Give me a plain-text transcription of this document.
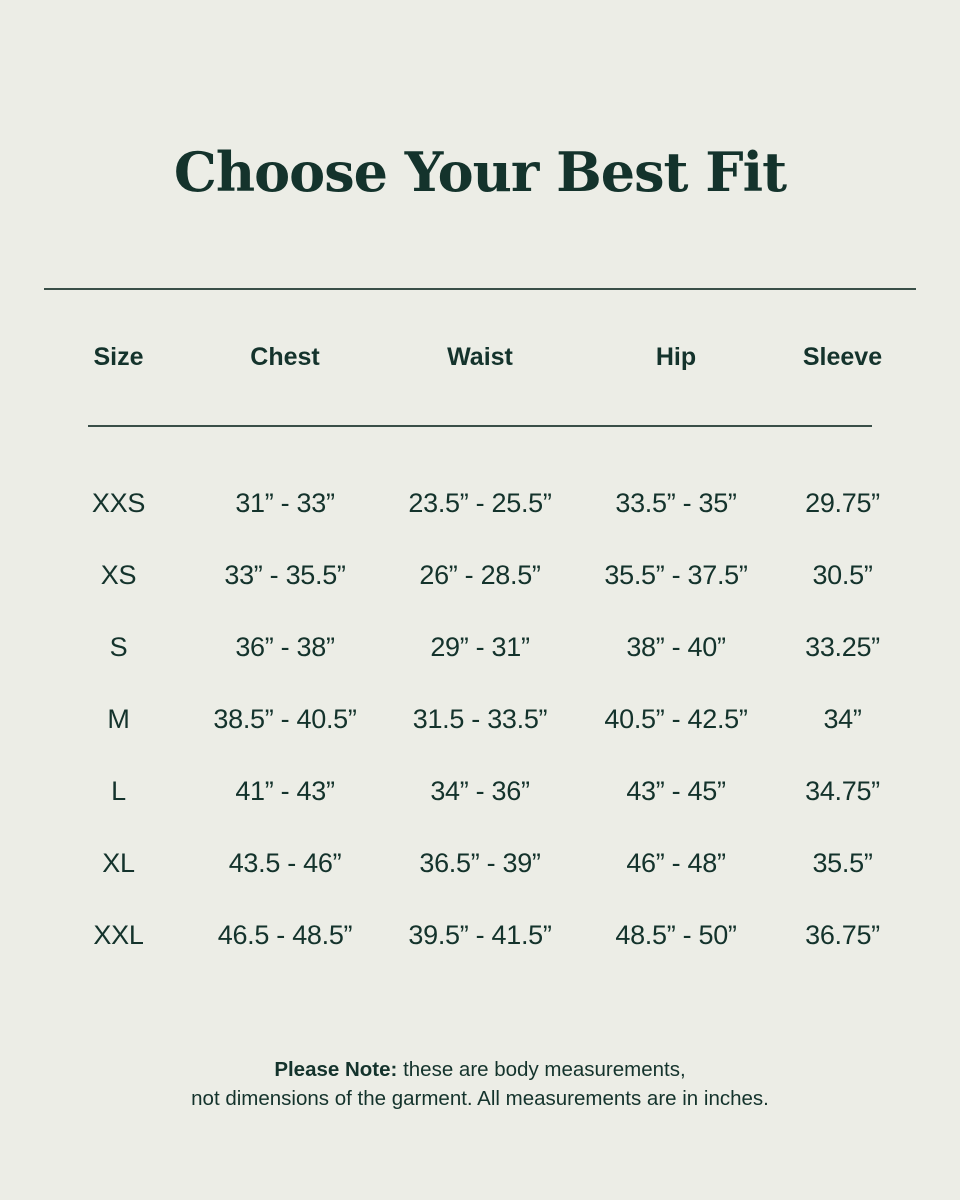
Choose Your Best Fit
Size	Chest	Waist	Hip	Sleeve
XXS	31” - 33”	23.5” - 25.5”	33.5” - 35”	29.75”
XS	33” - 35.5”	26” - 28.5”	35.5” - 37.5”	30.5”
S	36” - 38”	29” - 31”	38” - 40”	33.25”
M	38.5” - 40.5”	31.5 - 33.5”	40.5” - 42.5”	34”
L	41” - 43”	34” - 36”	43” - 45”	34.75”
XL	43.5 - 46”	36.5” - 39”	46” - 48”	35.5”
XXL	46.5 - 48.5”	39.5” - 41.5”	48.5” - 50”	36.75”
Please Note: these are body measurements,
not dimensions of the garment. All measurements are in inches.
